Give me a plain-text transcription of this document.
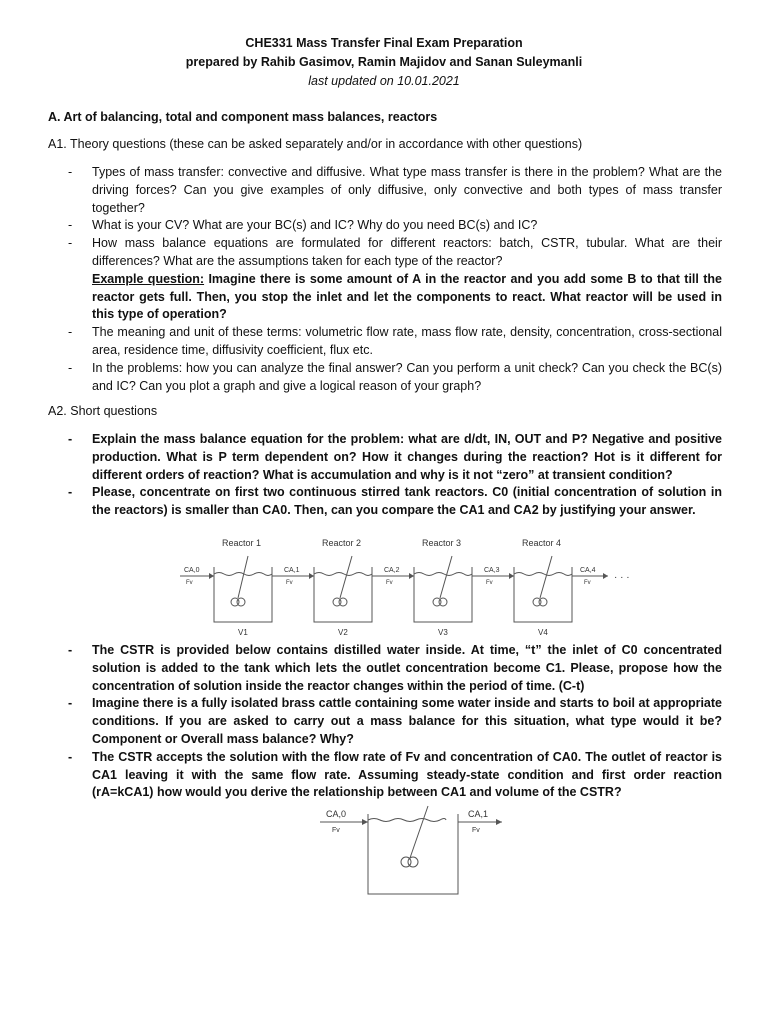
CHE331 Mass Transfer Final Exam Preparation
prepared by Rahib Gasimov, Ramin Majidov and Sanan Suleymanli
last updated on 10.01.2021
A. Art of balancing, total and component mass balances, reactors
A1. Theory questions (these can be asked separately and/or in accordance with other questions)
- Types of mass transfer: convective and diffusive. What type mass transfer is there in the problem? What are the driving forces? Can you give examples of only diffusive, only convective and both types of mass transfer together?
- What is your CV? What are your BC(s) and IC? Why do you need BC(s) and IC?
- How mass balance equations are formulated for different reactors: batch, CSTR, tubular. What are their differences? What are the assumptions taken for each type of the reactor?
Example question: Imagine there is some amount of A in the reactor and you add some B to that till the reactor gets full. Then, you stop the inlet and let the components to react. What reactor will be used in this type of operation?
- The meaning and unit of these terms: volumetric flow rate, mass flow rate, density, concentration, cross-sectional area, residence time, diffusivity coefficient, flux etc.
- In the problems: how you can analyze the final answer? Can you perform a unit check? Can you check the BC(s) and IC? Can you plot a graph and give a logical reason of your graph?
A2. Short questions
- Explain the mass balance equation for the problem: what are d/dt, IN, OUT and P? Negative and positive production. What is P term dependent on? How it changes during the reaction? Hot is it different for different orders of reaction? What is accumulation and why is it not “zero” at transient condition?
- Please, concentrate on first two continuous stirred tank reactors. C0 (initial concentration of solution in the reactors) is smaller than CA0. Then, can you compare the CA1 and CA2 by justifying your answer.
Reactor 1	Reactor 2	Reactor 3	Reactor 4
CA,0	CA,1	CA,2	CA,3	CA,4
Fv	Fv	Fv	Fv	Fv · · ·
V1	V2	V3	V4
- The CSTR is provided below contains distilled water inside. At time, “t” the inlet of C0 concentrated solution is added to the tank which lets the outlet concentration become C1. Please, propose how the concentration of solution inside the reactor changes within the period of time. (C-t)
- Imagine there is a fully isolated brass cattle containing some water inside and starts to boil at appropriate conditions. If you are asked to carry out a mass balance for this situation, what type would it be? Component or Overall mass balance? Why?
- The CSTR accepts the solution with the flow rate of Fv and concentration of CA0. The outlet of reactor is CA1 leaving it with the same flow rate. Assuming steady-state condition and first order reaction (rA=kCA1) how would you derive the relationship between CA1 and volume of the CSTR?
CA,0
Fv
CA,1
Fv
